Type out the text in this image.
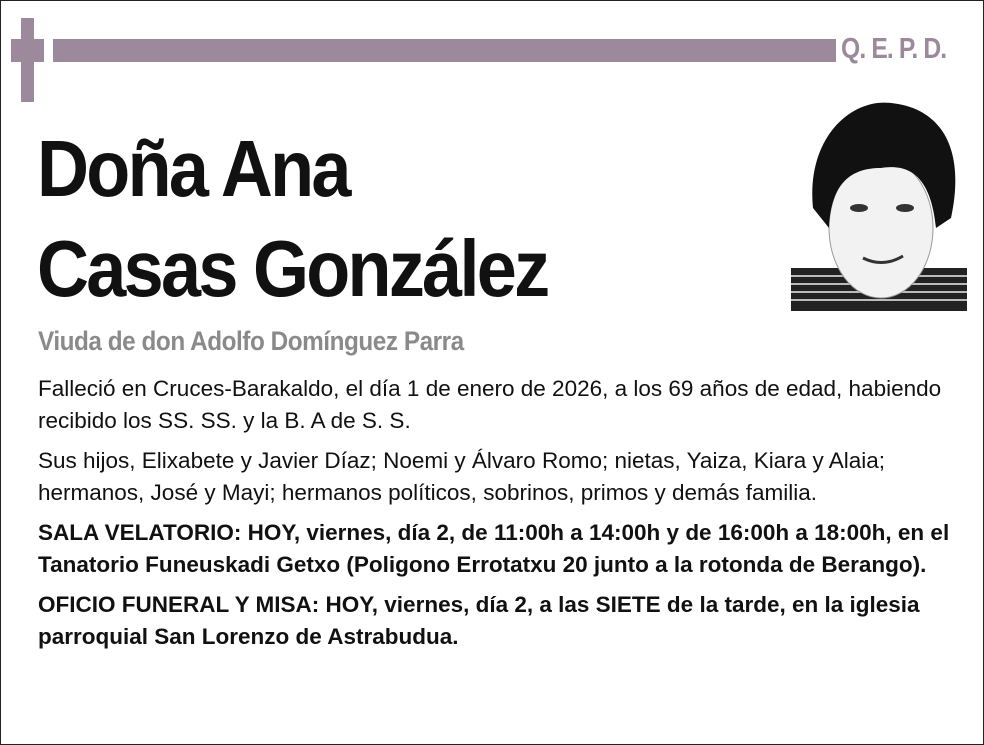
Q. E. P. D.
Doña Ana
Casas González
Viuda de don Adolfo Domínguez Parra

Falleció en Cruces-Barakaldo, el día 1 de enero de 2026, a los 69 años de edad, habiendo recibido los SS. SS. y la B. A de S. S.

Sus hijos, Elixabete y Javier Díaz; Noemi y Álvaro Romo; nietas, Yaiza, Kiara y Alaia; hermanos, José y Mayi; hermanos políticos, sobrinos, primos y demás familia.

SALA VELATORIO: HOY, viernes, día 2, de 11:00h a 14:00h y de 16:00h a 18:00h, en el Tanatorio Funeuskadi Getxo (Poligono Errotatxu 20 junto a la rotonda de Berango).

OFICIO FUNERAL Y MISA: HOY, viernes, día 2, a las SIETE de la tarde, en la iglesia parroquial San Lorenzo de Astrabudua.
